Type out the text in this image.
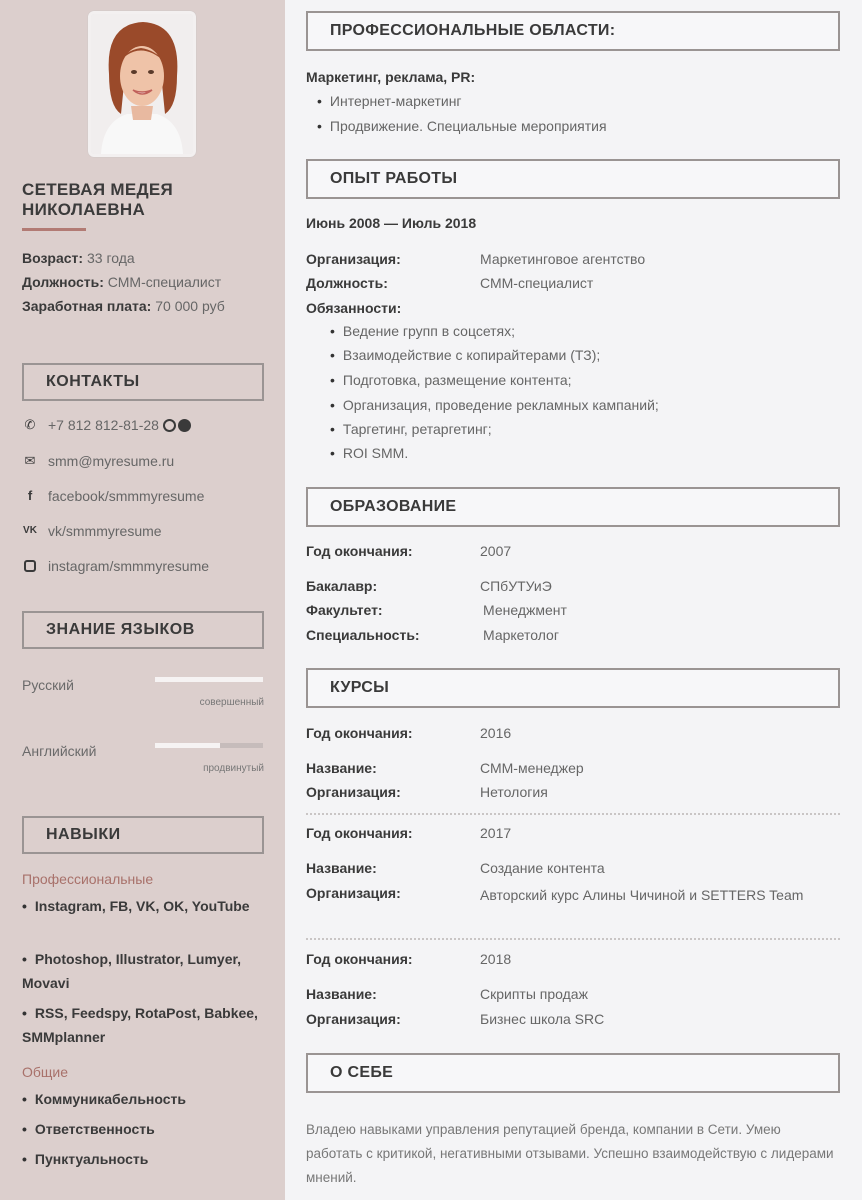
СЕТЕВАЯ МЕДЕЯ НИКОЛАЕВНА
Возраст: 33 года
Должность: СММ-специалист
Заработная плата: 70 000 руб
КОНТАКТЫ
✆ +7 812 812-81-28
✉ smm@myresume.ru
f	facebook/smmmyresume
VK vk/smmmyresume
instagram/smmmyresume
ЗНАНИЕ ЯЗЫКОВ
Русский
совершенный
Английский
продвинутый
НАВЫКИ
Профессиональные
• Instagram, FB, VK, OK, YouTube
• Photoshop, Illustrator, Lumyer, Movavi
• RSS, Feedspy, RotaPost, Babkee, SMMplanner
Общие
• Коммуникабельность
• Ответственность
• Пунктуальность
ПРОФЕССИОНАЛЬНЫЕ ОБЛАСТИ:
Маркетинг, реклама, PR:
• Интернет-маркетинг
• Продвижение. Специальные мероприятия
ОПЫТ РАБОТЫ
Июнь 2008 — Июль 2018
Организация:	Маркетинговое агентство
Должность:	СММ-специалист
Обязанности:
• Ведение групп в соцсетях;
• Взаимодействие с копирайтерами (ТЗ);
• Подготовка, размещение контента;
• Организация, проведение рекламных кампаний;
• Таргетинг, ретаргетинг;
• ROI SMM.
ОБРАЗОВАНИЕ
Год окончания:	2007
Бакалавр:	СПбУТУиЭ
Факультет:	Менеджмент
Специальность:	Маркетолог
КУРСЫ
Год окончания:	2016
Название:	СММ-менеджер
Организация:	Нетология
Год окончания:	2017
Название:	Создание контента
Организация:	Авторский курс Алины Чичиной и SETTERS Team
Год окончания:	2018
Название:	Скрипты продаж
Организация:	Бизнес школа SRC
О СЕБЕ
Владею навыками управления репутацией бренда, компании в Сети. Умею работать с критикой, негативными отзывами. Успешно взаимодействую с лидерами мнений.
